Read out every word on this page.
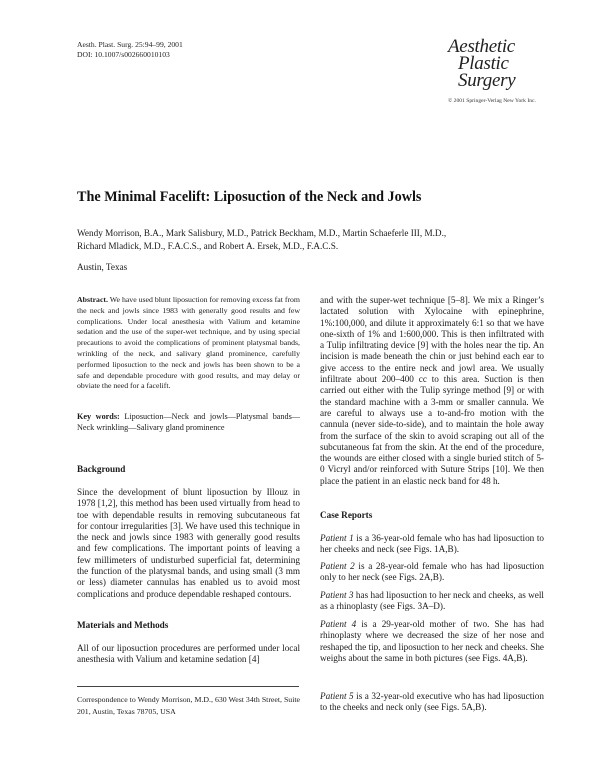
Aesth. Plast. Surg. 25:94–99, 2001
DOI: 10.1007/s002660010103	Aesthetic
Plastic
Surgery
© 2001 Springer-Verlag New York Inc.
The Minimal Facelift: Liposuction of the Neck and Jowls
Wendy Morrison, B.A., Mark Salisbury, M.D., Patrick Beckham, M.D., Martin Schaeferle III, M.D.,
Richard Mladick, M.D., F.A.C.S., and Robert A. Ersek, M.D., F.A.C.S.
Austin, Texas
Abstract. We have used blunt liposuction for removing excess fat from the neck and jowls since 1983 with generally good results and few complications. Under local anesthesia with Valium and ketamine sedation and the use of the super-wet technique, and by using special precautions to avoid the complications of prominent platysmal bands, wrinkling of the neck, and salivary gland prominence, carefully performed liposuction to the neck and jowls has been shown to be a safe and dependable procedure with good results, and may delay or obviate the need for a facelift.
Key words: Liposuction—Neck and jowls—Platysmal bands—Neck wrinkling—Salivary gland prominence
Background
Since the development of blunt liposuction by Illouz in 1978 [1,2], this method has been used virtually from head to toe with dependable results in removing subcutaneous fat for contour irregularities [3]. We have used this technique in the neck and jowls since 1983 with generally good results and few complications. The important points of leaving a few millimeters of undisturbed superficial fat, determining the function of the platysmal bands, and using small (3 mm or less) diameter cannulas has enabled us to avoid most complications and produce dependable reshaped contours.
Materials and Methods
All of our liposuction procedures are performed under local anesthesia with Valium and ketamine sedation [4]
Correspondence to Wendy Morrison, M.D., 630 West 34th Street, Suite 201, Austin, Texas 78705, USA
and with the super-wet technique [5–8]. We mix a Ringer’s lactated solution with Xylocaine with epinephrine, 1%:100,000, and dilute it approximately 6:1 so that we have one-sixth of 1% and 1:600,000. This is then infiltrated with a Tulip infiltrating device [9] with the holes near the tip. An incision is made beneath the chin or just behind each ear to give access to the entire neck and jowl area. We usually infiltrate about 200–400 cc to this area. Suction is then carried out either with the Tulip syringe method [9] or with the standard machine with a 3-mm or smaller cannula. We are careful to always use a to-and-fro motion with the cannula (never side-to-side), and to maintain the hole away from the surface of the skin to avoid scraping out all of the subcutaneous fat from the skin. At the end of the procedure, the wounds are either closed with a single buried stitch of 5-0 Vicryl and/or reinforced with Suture Strips [10]. We then place the patient in an elastic neck band for 48 h.
Case Reports
Patient 1 is a 36-year-old female who has had liposuction to her cheeks and neck (see Figs. 1A,B).
Patient 2 is a 28-year-old female who has had liposuction only to her neck (see Figs. 2A,B).
Patient 3 has had liposuction to her neck and cheeks, as well as a rhinoplasty (see Figs. 3A–D).
Patient 4 is a 29-year-old mother of two. She has had rhinoplasty where we decreased the size of her nose and reshaped the tip, and liposuction to her neck and cheeks. She weighs about the same in both pictures (see Figs. 4A,B).
Patient 5 is a 32-year-old executive who has had liposuction to the cheeks and neck only (see Figs. 5A,B).
